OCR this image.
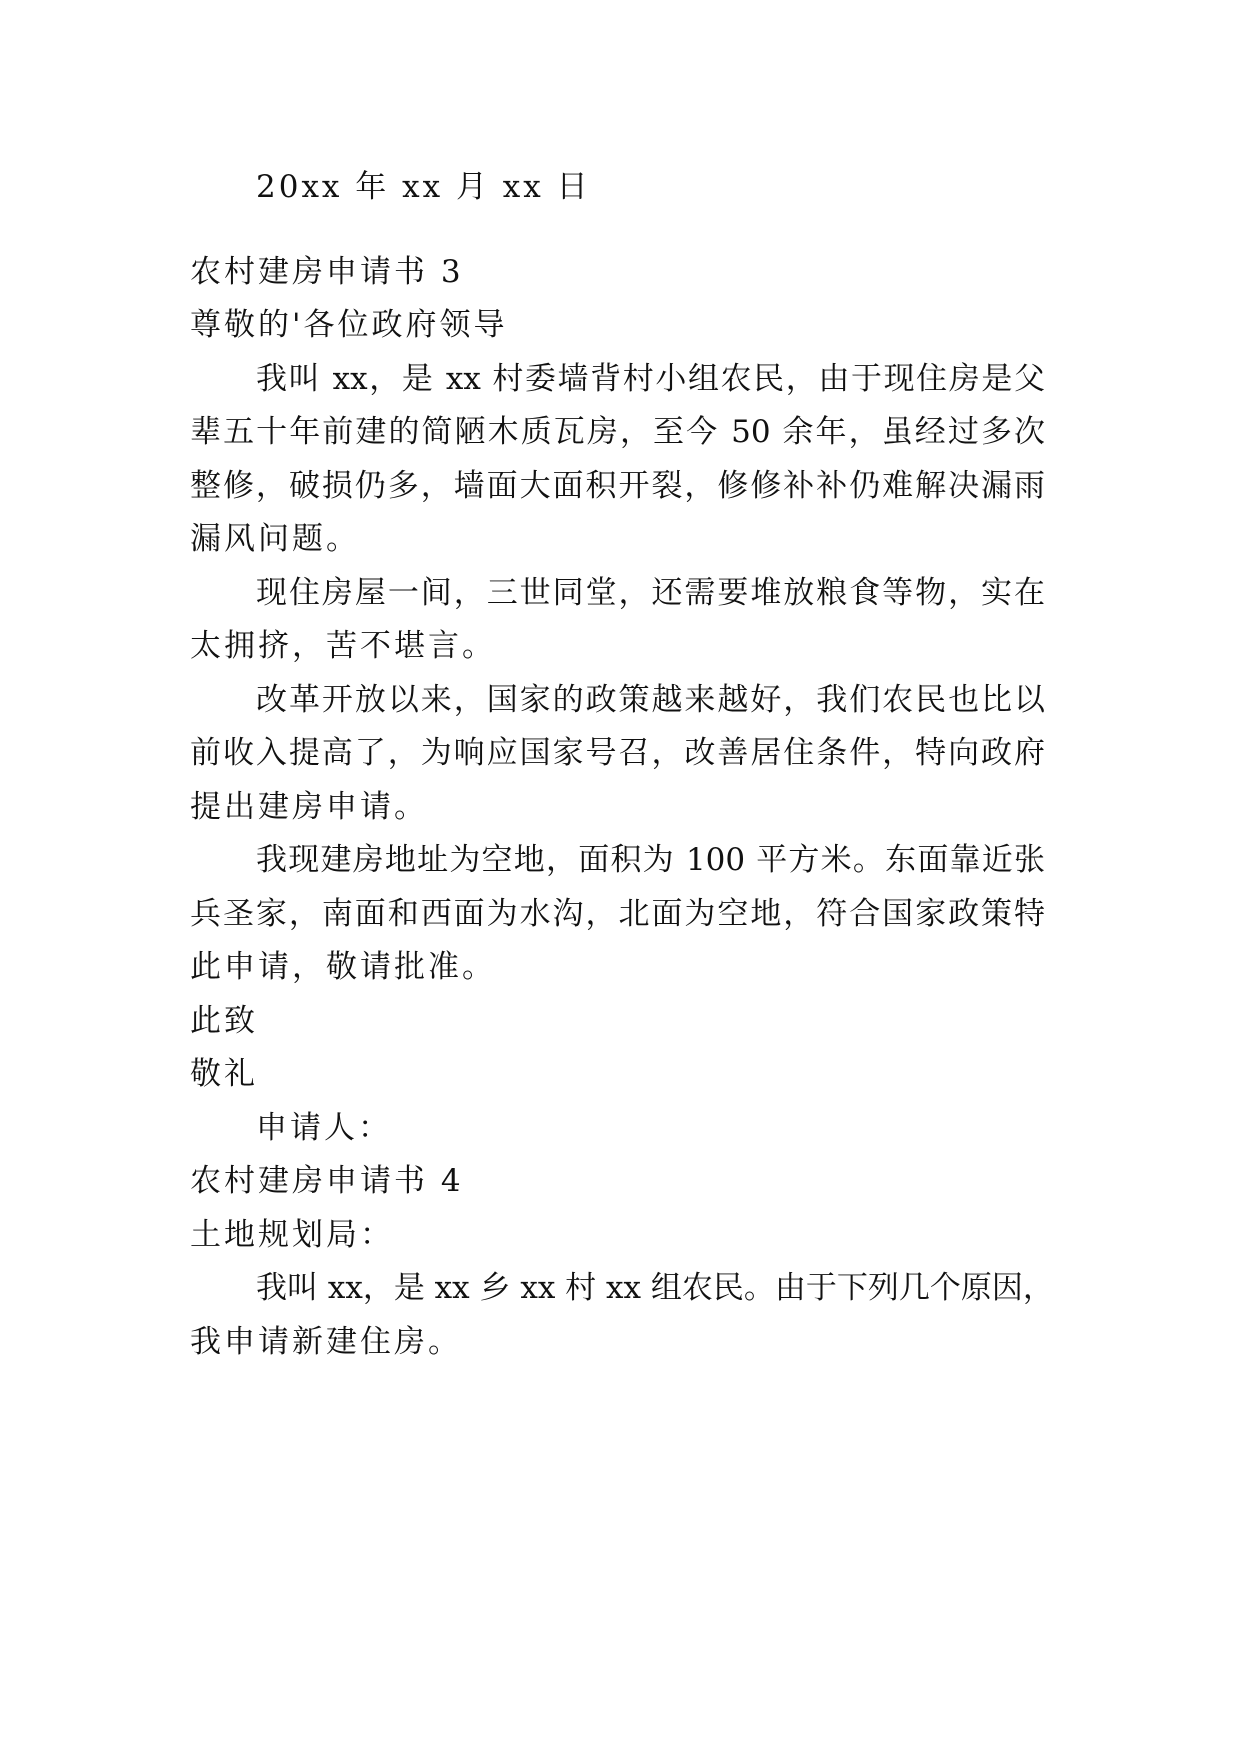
20xx 年 xx 月 xx 日
农村建房申请书 3
尊敬的'各位政府领导
我叫 xx，是 xx 村委墙背村小组农民，由于现住房是父
辈五十年前建的简陋木质瓦房，至今 50 余年，虽经过多次
整修，破损仍多，墙面大面积开裂，修修补补仍难解决漏雨
漏风问题。
现住房屋一间，三世同堂，还需要堆放粮食等物，实在
太拥挤，苦不堪言。
改革开放以来，国家的政策越来越好，我们农民也比以
前收入提高了，为响应国家号召，改善居住条件，特向政府
提出建房申请。
我现建房地址为空地，面积为 100 平方米。东面靠近张
兵圣家，南面和西面为水沟，北面为空地，符合国家政策特
此申请，敬请批准。
此致
敬礼
申请人：
农村建房申请书 4
土地规划局：
我叫 xx，是 xx 乡 xx 村 xx 组农民。由于下列几个原因，
我申请新建住房。
